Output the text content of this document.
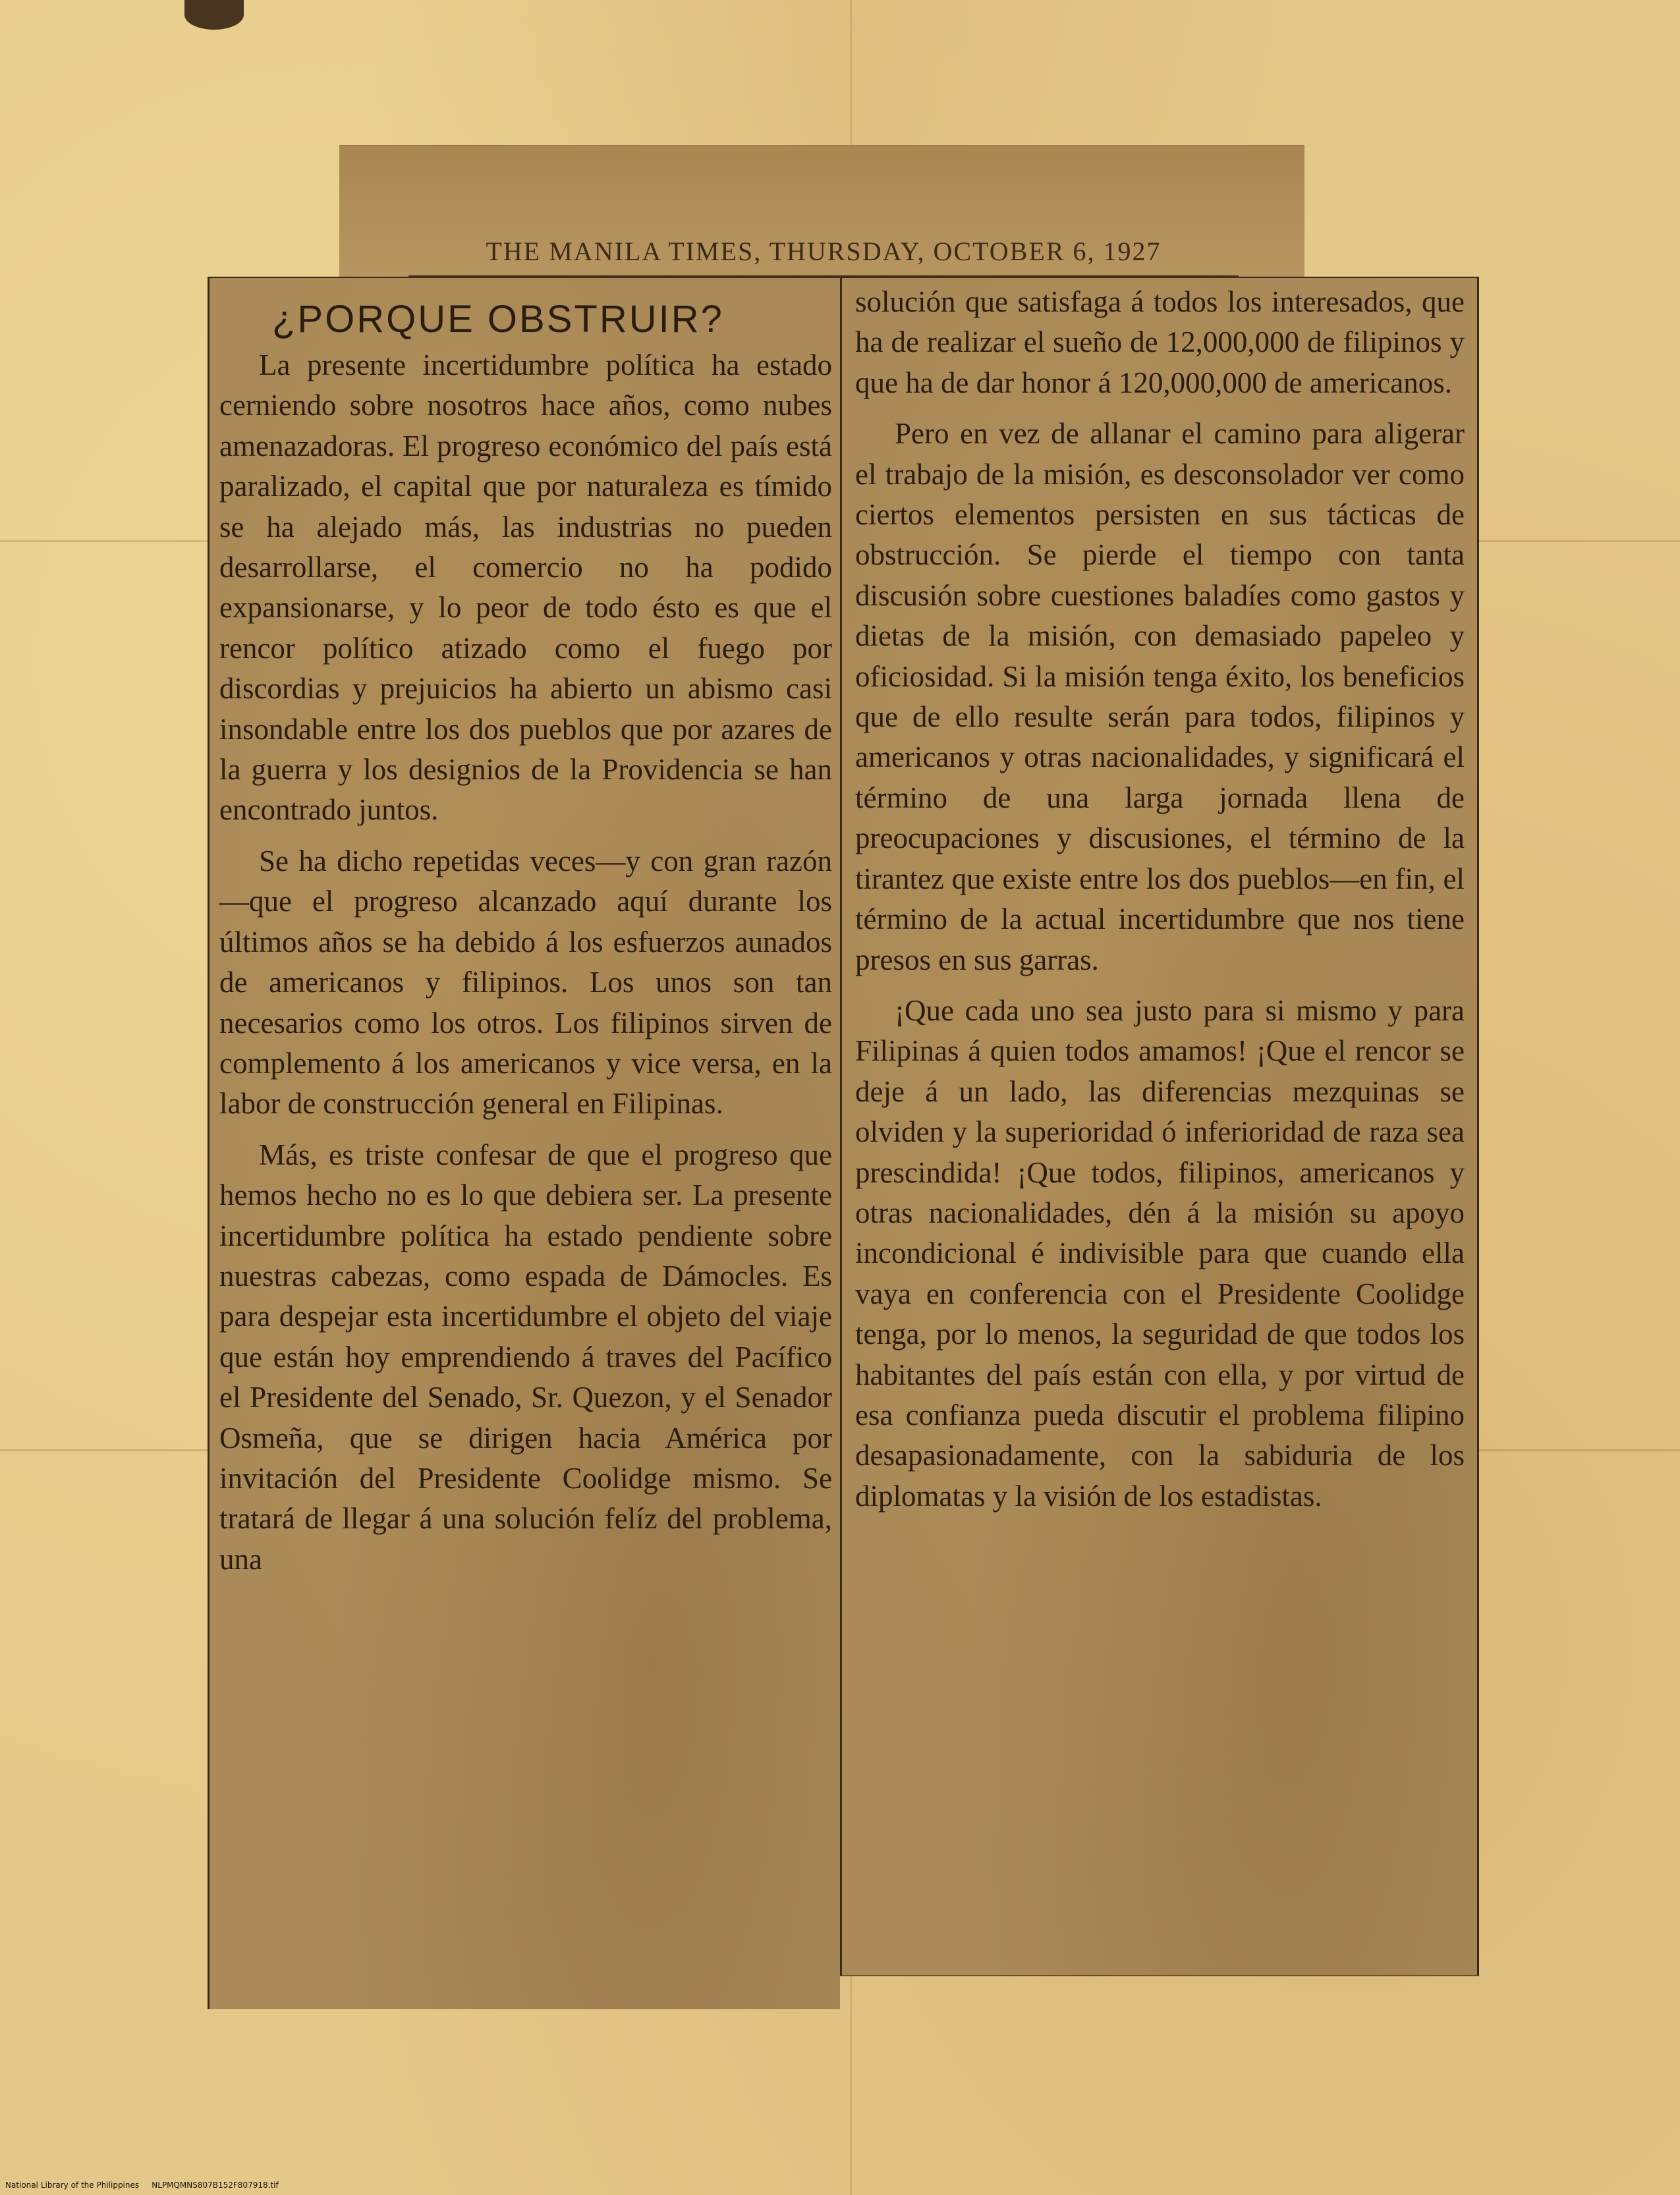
THE MANILA TIMES, THURSDAY, OCTOBER 6, 1927
¿PORQUE OBSTRUIR?

La presente incertidumbre política ha estado cerniendo sobre nosotros hace años, como nubes amenazadoras. El progreso económico del país está paralizado, el capital que por naturaleza es tímido se ha alejado más, las industrias no pueden desarrollarse, el comercio no ha podido expansionarse, y lo peor de todo ésto es que el rencor político atizado como el fuego por discordias y prejuicios ha abierto un abismo casi insondable entre los dos pueblos que por azares de la guerra y los designios de la Providencia se han encontrado juntos.

Se ha dicho repetidas veces—y con gran razón—que el progreso alcanzado aquí durante los últimos años se ha debido á los esfuerzos aunados de americanos y filipinos. Los unos son tan necesarios como los otros. Los filipinos sirven de complemento á los americanos y vice versa, en la labor de construcción general en Filipinas.

Más, es triste confesar de que el progreso que hemos hecho no es lo que debiera ser. La presente incertidumbre política ha estado pendiente sobre nuestras cabezas, como espada de Dámocles. Es para despejar esta incertidumbre el objeto del viaje que están hoy emprendiendo á traves del Pacífico el Presidente del Senado, Sr. Quezon, y el Senador Osmeña, que se dirigen hacia América por invitación del Presidente Coolidge mismo. Se tratará de llegar á una solución felíz del problema, una

solución que satisfaga á todos los interesados, que ha de realizar el sueño de 12,000,000 de filipinos y que ha de dar honor á 120,000,000 de americanos.

Pero en vez de allanar el camino para aligerar el trabajo de la misión, es desconsolador ver como ciertos elementos persisten en sus tácticas de obstrucción. Se pierde el tiempo con tanta discusión sobre cuestiones baladíes como gastos y dietas de la misión, con demasiado papeleo y oficiosidad. Si la misión tenga éxito, los beneficios que de ello resulte serán para todos, filipinos y americanos y otras nacionalidades, y significará el término de una larga jornada llena de preocupaciones y discusiones, el término de la tirantez que existe entre los dos pueblos—en fin, el término de la actual incertidumbre que nos tiene presos en sus garras.

¡Que cada uno sea justo para si mismo y para Filipinas á quien todos amamos! ¡Que el rencor se deje á un lado, las diferencias mezquinas se olviden y la superioridad ó inferioridad de raza sea prescindida! ¡Que todos, filipinos, americanos y otras nacionalidades, dén á la misión su apoyo incondicional é indivisible para que cuando ella vaya en conferencia con el Presidente Coolidge tenga, por lo menos, la seguridad de que todos los habitantes del país están con ella, y por virtud de esa confianza pueda discutir el problema filipino desapasionadamente, con la sabiduria de los diplomatas y la visión de los estadistas.

National Library of the Philippines NLPMQMNS807B152F807918.tif
